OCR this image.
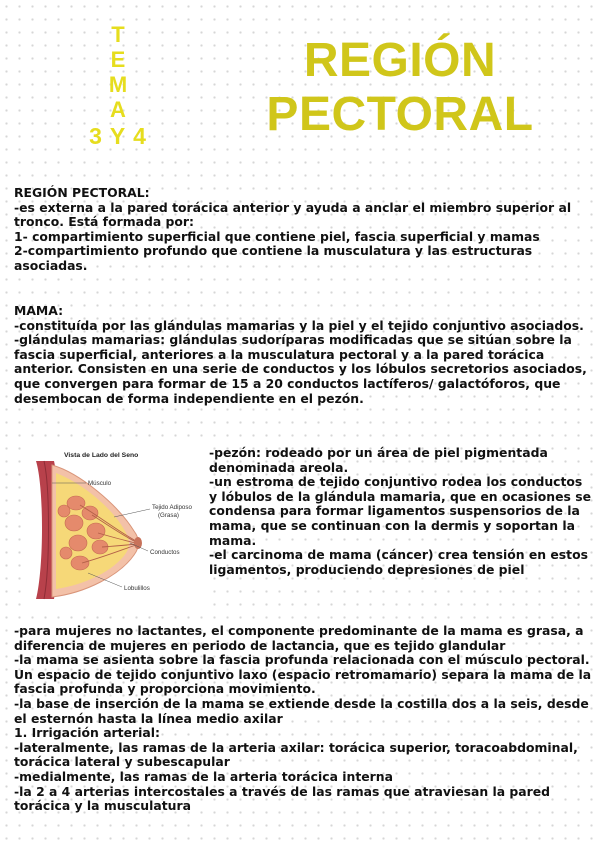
T
E
M
A
3 Y 4
REGIÓN
PECTORAL
REGIÓN PECTORAL:
-es externa a la pared torácica anterior y ayuda a anclar el miembro superior al tronco. Está formada por:
1- compartimiento superficial que contiene piel, fascia superficial y mamas
2-compartimiento profundo que contiene la musculatura y las estructuras asociadas.
MAMA:
-constituída por las glándulas mamarias y la piel y el tejido conjuntivo asociados.
-glándulas mamarias: glándulas sudoríparas modificadas que se sitúan sobre la fascia superficial, anteriores a la musculatura pectoral y a la pared torácica anterior. Consisten en una serie de conductos y los lóbulos secretorios asociados, que convergen para formar de 15 a 20 conductos lactíferos/ galactóforos, que desembocan de forma independiente en el pezón.
Vista de Lado del Seno
Músculo
Tejido Adiposo
(Grasa)
Conductos
Lobulillos
-pezón: rodeado por un área de piel pigmentada denominada areola.
-un estroma de tejido conjuntivo rodea los conductos y lóbulos de la glándula mamaria, que en ocasiones se condensa para formar ligamentos suspensorios de la mama, que se continuan con la dermis y soportan la mama.
-el carcinoma de mama (cáncer) crea tensión en estos ligamentos, produciendo depresiones de piel
-para mujeres no lactantes, el componente predominante de la mama es grasa, a diferencia de mujeres en periodo de lactancia, que es tejido glandular
-la mama se asienta sobre la fascia profunda relacionada con el músculo pectoral. Un espacio de tejido conjuntivo laxo (espacio retromamario) separa la mama de la fascia profunda y proporciona movimiento.
-la base de inserción de la mama se extiende desde la costilla dos a la seis, desde el esternón hasta la línea medio axilar
1. Irrigación arterial:
-lateralmente, las ramas de la arteria axilar: torácica superior, toracoabdominal, torácica lateral y subescapular
-medialmente, las ramas de la arteria torácica interna
-la 2 a 4 arterias intercostales a través de las ramas que atraviesan la pared torácica y la musculatura
